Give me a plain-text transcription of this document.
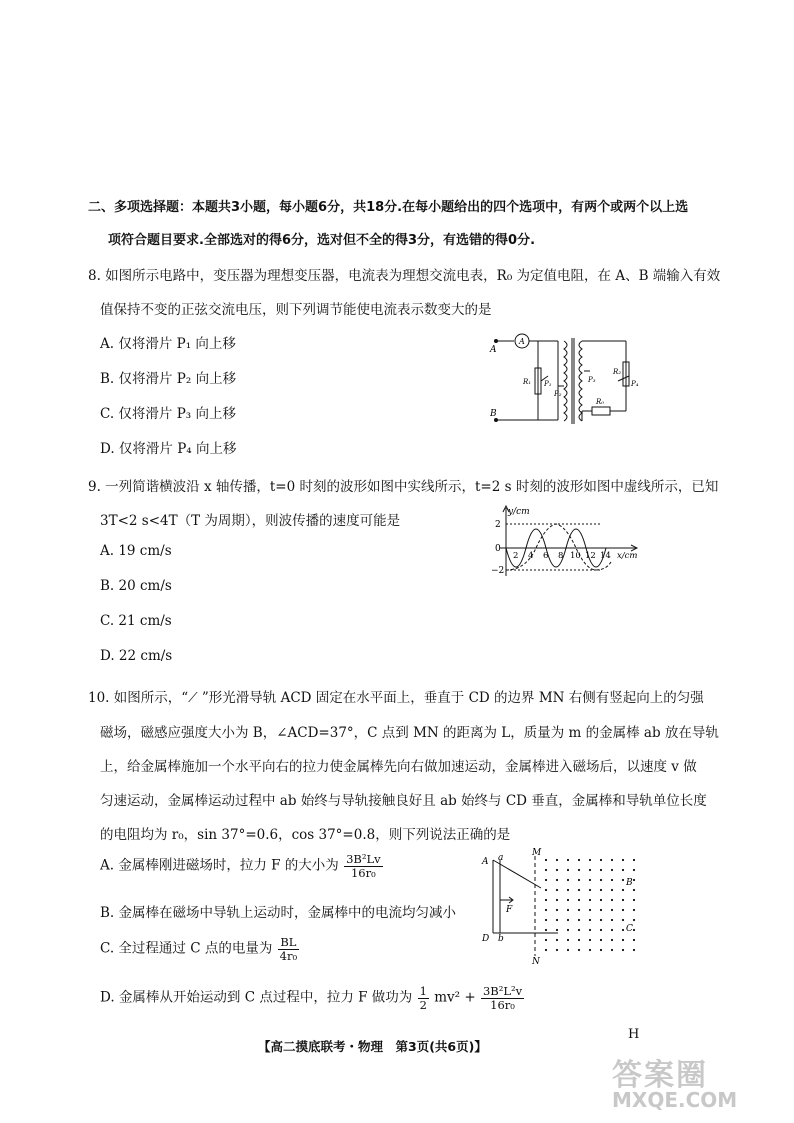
二、多项选择题：本题共3小题，每小题6分，共18分.在每小题给出的四个选项中，有两个或两个以上选
项符合题目要求.全部选对的得6分，选对但不全的得3分，有选错的得0分.
8. 如图所示电路中，变压器为理想变压器，电流表为理想交流电表，R₀ 为定值电阻，在 A、B 端输入有效
值保持不变的正弦交流电压，则下列调节能使电流表示数变大的是
A. 仅将滑片 P₁ 向上移
B. 仅将滑片 P₂ 向上移
C. 仅将滑片 P₃ 向上移
D. 仅将滑片 P₄ 向上移
A
B
A
R₁ P₁
P₂
P₃
R₂
P₄
R₀
9. 一列简谐横波沿 x 轴传播，t=0 时刻的波形如图中实线所示，t=2 s 时刻的波形如图中虚线所示，已知
3T<2 s<4T（T 为周期），则波传播的速度可能是
A. 19 cm/s
B. 20 cm/s
C. 21 cm/s
D. 22 cm/s
y/cm
x/cm
2
0
−2
2 4 6 8 10 12 14
10. 如图所示，“⟋ ”形光滑导轨 ACD 固定在水平面上，垂直于 CD 的边界 MN 右侧有竖起向上的匀强
磁场，磁感应强度大小为 B，∠ACD=37°，C 点到 MN 的距离为 L，质量为 m 的金属棒 ab 放在导轨
上，给金属棒施加一个水平向右的拉力使金属棒先向右做加速运动，金属棒进入磁场后，以速度 v 做
匀速运动，金属棒运动过程中 ab 始终与导轨接触良好且 ab 始终与 CD 垂直，金属棒和导轨单位长度
的电阻均为 r₀，sin 37°=0.6，cos 37°=0.8，则下列说法正确的是
A. 金属棒刚进磁场时，拉力 F 的大小为 $\frac{\text{3B²Lv}}{\text{16r₀}}$
B. 金属棒在磁场中导轨上运动时，金属棒中的电流均匀减小
C. 全过程通过 C 点的电量为 $\frac{BL}{\text{4r₀}}$
D. 金属棒从开始运动到 C 点过程中，拉力 F 做功为 $\frac{1}{2} mv^2 + \frac{\text{3B²L²v}}{\text{16r₀}}$
A a	M
B
F
D b
C
N
【高二摸底联考・物理　第3页(共6页)】
H
答案圈
MXQE.COM
